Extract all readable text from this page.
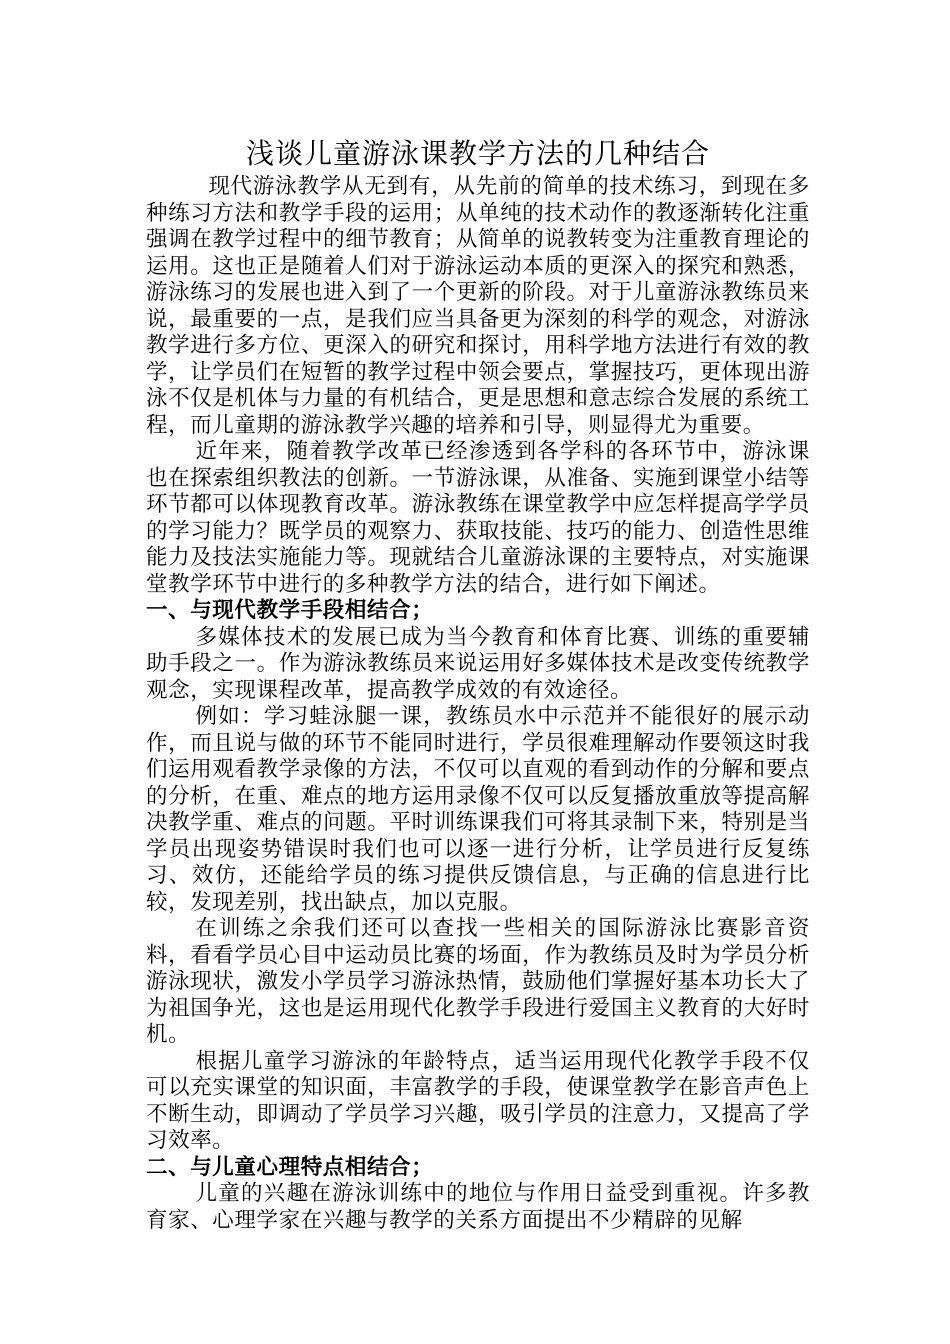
浅谈儿童游泳课教学方法的几种结合

现代游泳教学从无到有，从先前的简单的技术练习，到现在多种练习方法和教学手段的运用；从单纯的技术动作的教逐渐转化注重强调在教学过程中的细节教育；从简单的说教转变为注重教育理论的运用。这也正是随着人们对于游泳运动本质的更深入的探究和熟悉，游泳练习的发展也进入到了一个更新的阶段。对于儿童游泳教练员来说，最重要的一点，是我们应当具备更为深刻的科学的观念，对游泳教学进行多方位、更深入的研究和探讨，用科学地方法进行有效的教学，让学员们在短暂的教学过程中领会要点，掌握技巧，更体现出游泳不仅是机体与力量的有机结合，更是思想和意志综合发展的系统工程，而儿童期的游泳教学兴趣的培养和引导，则显得尤为重要。

近年来，随着教学改革已经渗透到各学科的各环节中，游泳课也在探索组织教法的创新。一节游泳课，从准备、实施到课堂小结等环节都可以体现教育改革。游泳教练在课堂教学中应怎样提高学学员的学习能力？既学员的观察力、获取技能、技巧的能力、创造性思维能力及技法实施能力等。现就结合儿童游泳课的主要特点，对实施课堂教学环节中进行的多种教学方法的结合，进行如下阐述。

一、与现代教学手段相结合；

多媒体技术的发展已成为当今教育和体育比赛、训练的重要辅助手段之一。作为游泳教练员来说运用好多媒体技术是改变传统教学观念，实现课程改革，提高教学成效的有效途径。

例如：学习蛙泳腿一课，教练员水中示范并不能很好的展示动作，而且说与做的环节不能同时进行，学员很难理解动作要领这时我们运用观看教学录像的方法，不仅可以直观的看到动作的分解和要点的分析，在重、难点的地方运用录像不仅可以反复播放重放等提高解决教学重、难点的问题。平时训练课我们可将其录制下来，特别是当学员出现姿势错误时我们也可以逐一进行分析，让学员进行反复练习、效仿，还能给学员的练习提供反馈信息，与正确的信息进行比较，发现差别，找出缺点，加以克服。

在训练之余我们还可以查找一些相关的国际游泳比赛影音资料，看看学员心目中运动员比赛的场面，作为教练员及时为学员分析游泳现状，激发小学员学习游泳热情，鼓励他们掌握好基本功长大了为祖国争光，这也是运用现代化教学手段进行爱国主义教育的大好时机。

根据儿童学习游泳的年龄特点，适当运用现代化教学手段不仅可以充实课堂的知识面，丰富教学的手段，使课堂教学在影音声色上不断生动，即调动了学员学习兴趣，吸引学员的注意力，又提高了学习效率。

二、与儿童心理特点相结合；

儿童的兴趣在游泳训练中的地位与作用日益受到重视。许多教育家、心理学家在兴趣与教学的关系方面提出不少精辟的见解
